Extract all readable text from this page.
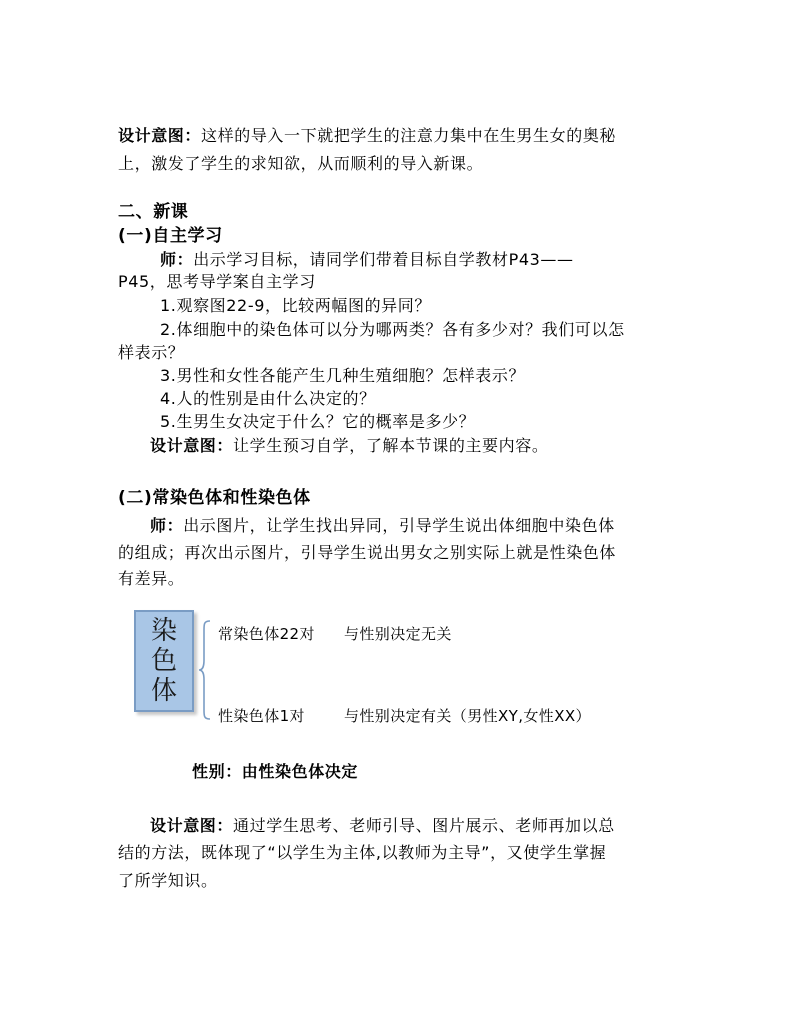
设计意图：这样的导入一下就把学生的注意力集中在生男生女的奥秘
上，激发了学生的求知欲，从而顺利的导入新课。
二、新课
(一)自主学习
师：出示学习目标，请同学们带着目标自学教材P43——
P45，思考导学案自主学习
1.观察图22-9，比较两幅图的异同？
2.体细胞中的染色体可以分为哪两类？各有多少对？我们可以怎
样表示？
3.男性和女性各能产生几种生殖细胞？怎样表示？
4.人的性别是由什么决定的？
5.生男生女决定于什么？它的概率是多少？
设计意图：让学生预习自学，了解本节课的主要内容。
(二)常染色体和性染色体
师：出示图片，让学生找出异同，引导学生说出体细胞中染色体
的组成；再次出示图片，引导学生说出男女之别实际上就是性染色体
有差异。
染
色
体
常染色体22对 与性别决定无关
性染色体1对	与性别决定有关（男性XY,女性XX）
性别：由性染色体决定
设计意图：通过学生思考、老师引导、图片展示、老师再加以总
结的方法，既体现了“以学生为主体,以教师为主导”，又使学生掌握
了所学知识。
